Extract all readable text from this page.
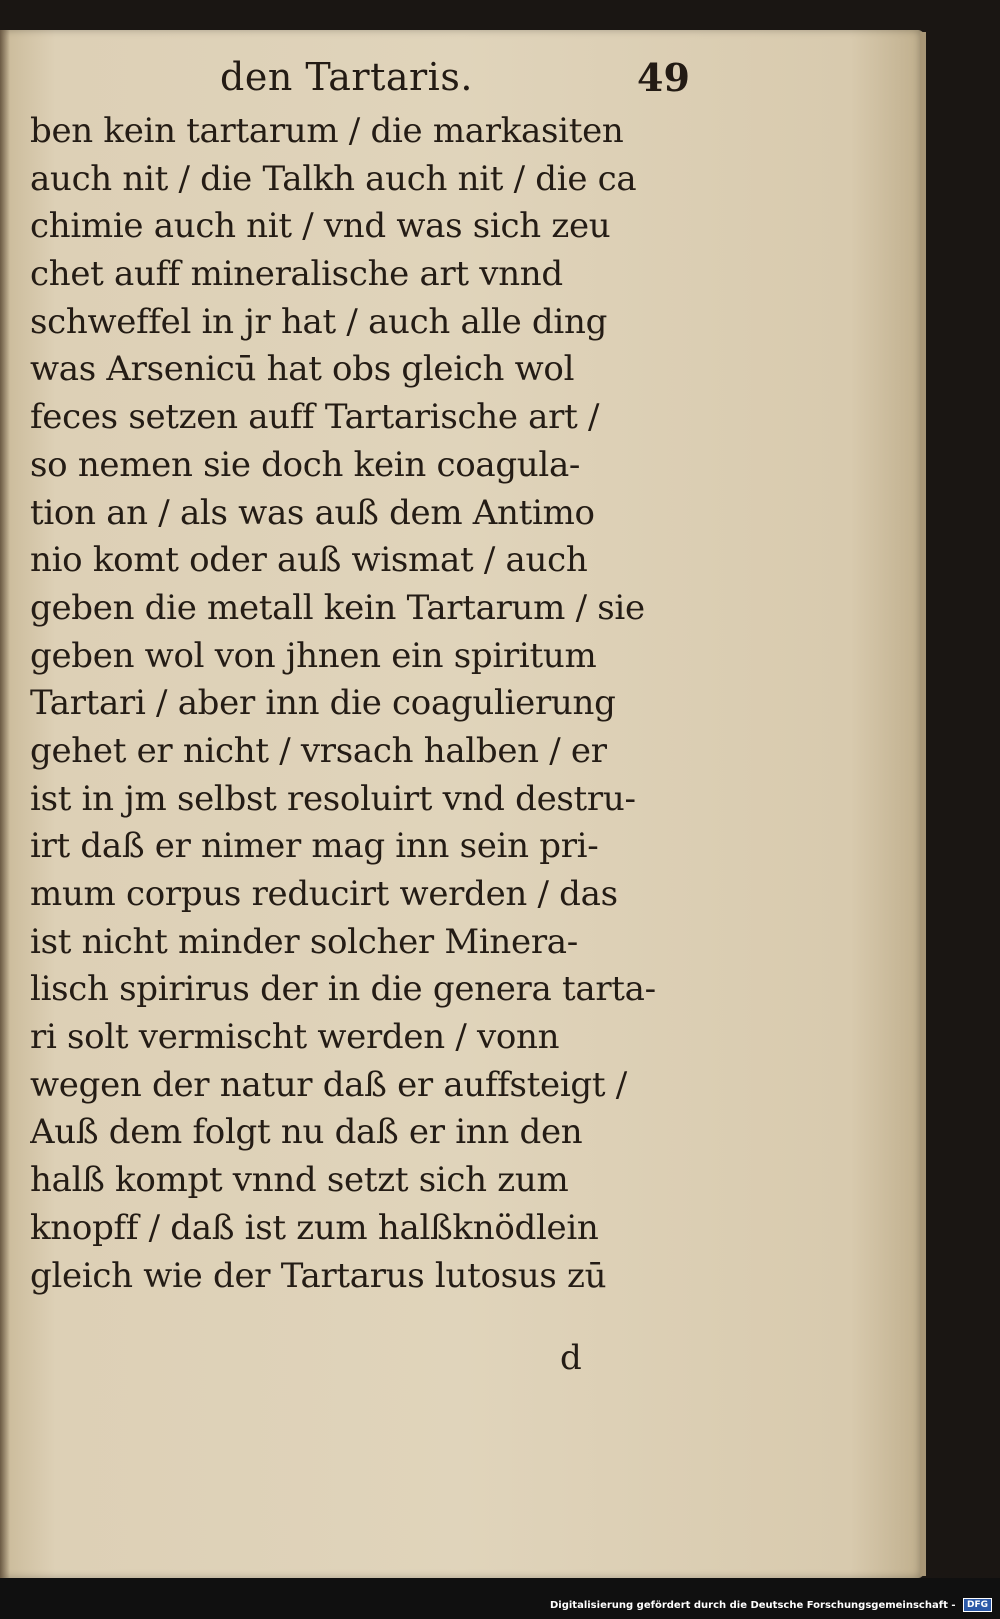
den Tartaris.	49
ben kein tartarum / die markasiten
auch nit / die Talkh auch nit / die ca
chimie auch nit / vnd was sich zeu
chet auff mineralische art vnnd
schweffel in jr hat / auch alle ding
was Arsenicū hat obs gleich wol
feces setzen auff Tartarische art /
so nemen sie doch kein coagula-
tion an / als was auß dem Antimo
nio komt oder auß wismat / auch
geben die metall kein Tartarum / sie
geben wol von jhnen ein spiritum
Tartari / aber inn die coagulierung
gehet er nicht / vrsach halben / er
ist in jm selbst resoluirt vnd destru-
irt daß er nimer mag inn sein pri-
mum corpus reducirt werden / das
ist nicht minder solcher Minera-
lisch spirirus der in die genera tarta-
ri solt vermischt werden / vonn
wegen der natur daß er auffsteigt /
Auß dem folgt nu daß er inn den
halß kompt vnnd setzt sich zum
knopff / daß ist zum halßknödlein
gleich wie der Tartarus lutosus zū
d
Digitalisierung gefördert durch die Deutsche Forschungsgemeinschaft - DFG
